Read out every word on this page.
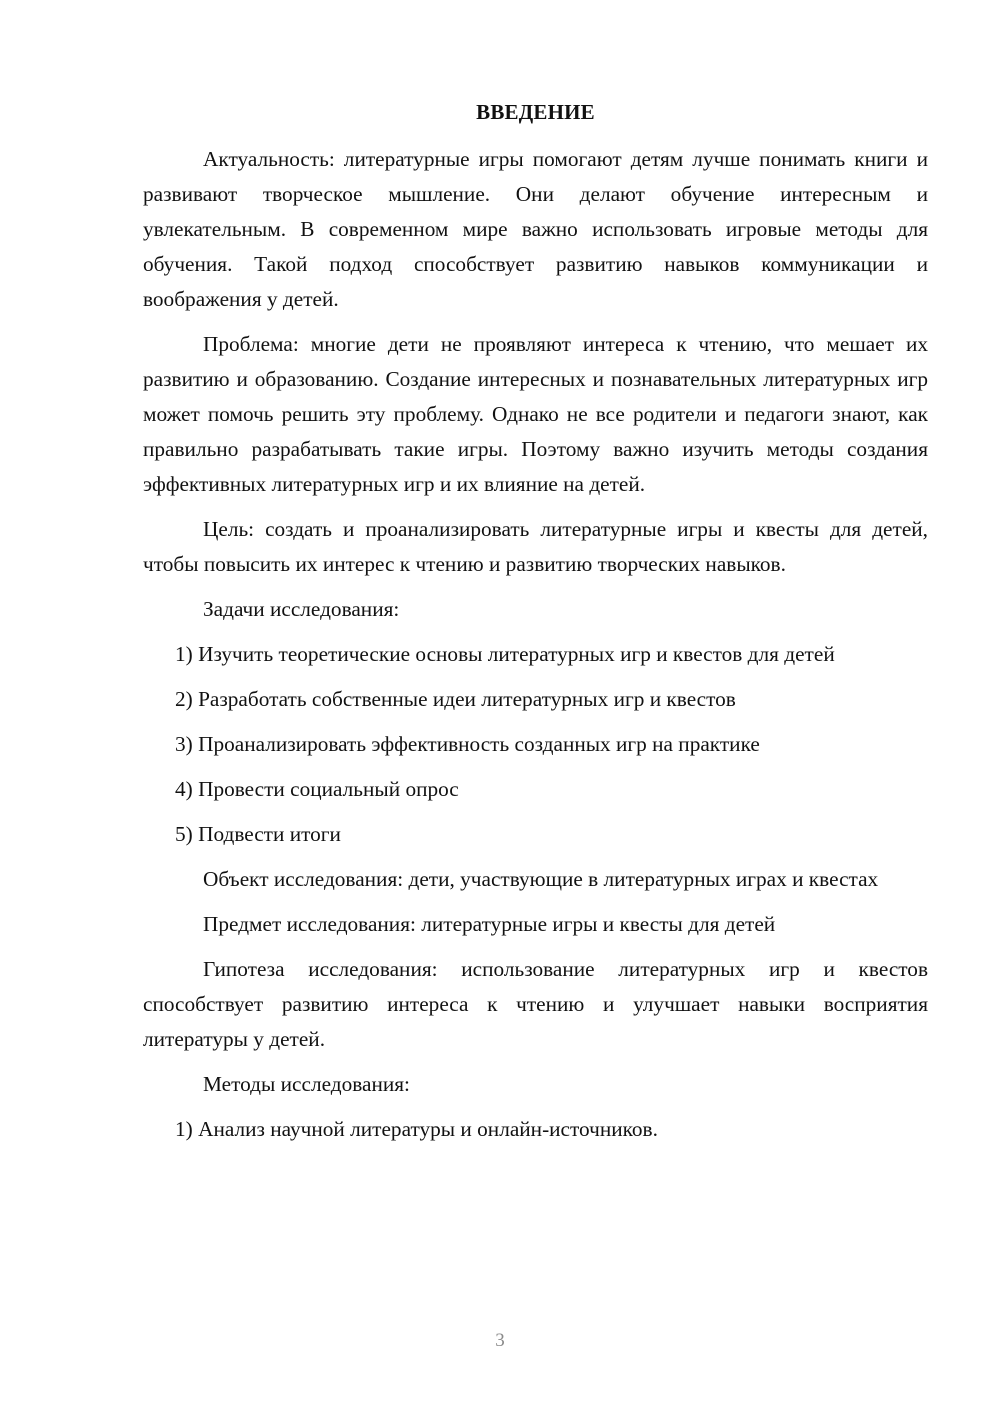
ВВЕДЕНИЕ

Актуальность: литературные игры помогают детям лучше понимать книги и развивают творческое мышление. Они делают обучение интересным и увлекательным. В современном мире важно использовать игровые методы для обучения. Такой подход способствует развитию навыков коммуникации и воображения у детей.

Проблема: многие дети не проявляют интереса к чтению, что мешает их развитию и образованию. Создание интересных и познавательных литературных игр может помочь решить эту проблему. Однако не все родители и педагоги знают, как правильно разрабатывать такие игры. Поэтому важно изучить методы создания эффективных литературных игр и их влияние на детей.

Цель: создать и проанализировать литературные игры и квесты для детей, чтобы повысить их интерес к чтению и развитию творческих навыков.

Задачи исследования:

1) Изучить теоретические основы литературных игр и квестов для детей

2) Разработать собственные идеи литературных игр и квестов

3) Проанализировать эффективность созданных игр на практике

4) Провести социальный опрос

5) Подвести итоги

Объект исследования: дети, участвующие в литературных играх и квестах

Предмет исследования: литературные игры и квесты для детей

Гипотеза исследования: использование литературных игр и квестов способствует развитию интереса к чтению и улучшает навыки восприятия литературы у детей.

Методы исследования:

1) Анализ научной литературы и онлайн-источников.

3
